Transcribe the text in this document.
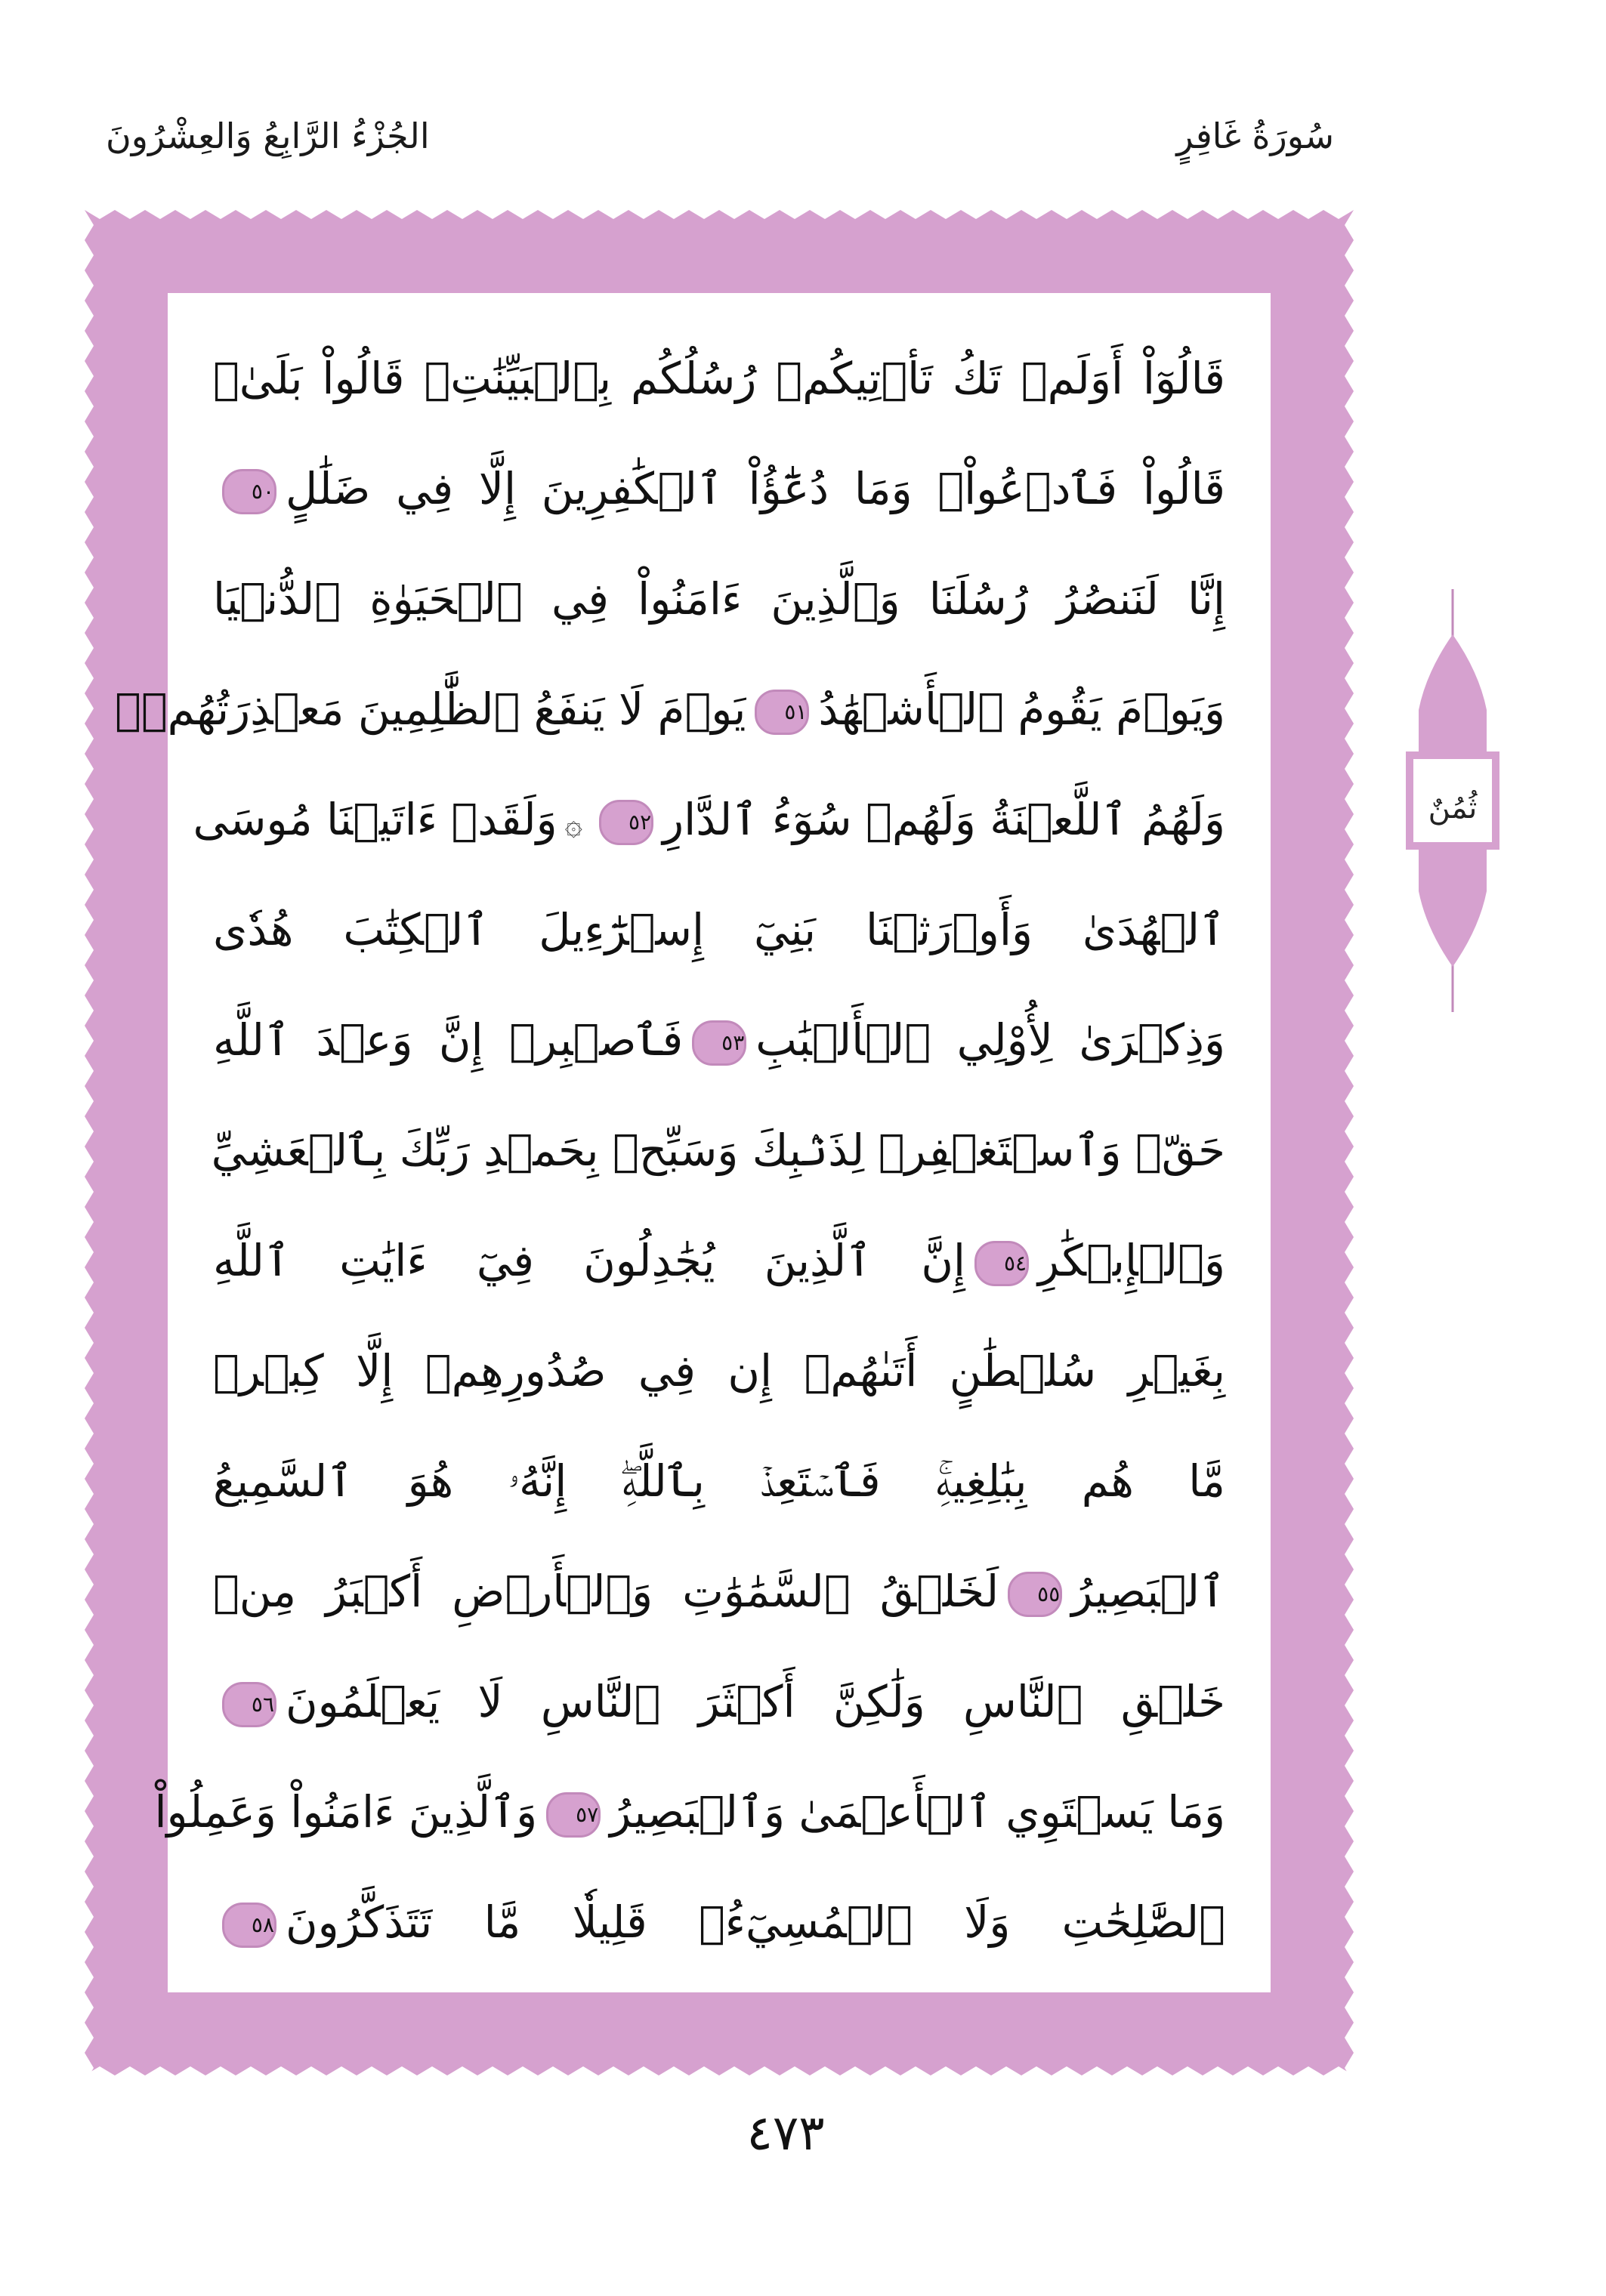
سُورَةُ غَافِرٍ
الجُزْءُ الرَّابِعُ وَالعِشْرُونَ
قَالُوٓاْ أَوَلَمۡ تَكُ تَأۡتِيكُمۡ رُسُلُكُم بِٱلۡبَيِّنَٰتِۖ قَالُواْ بَلَىٰۚ
قَالُواْ فَٱدۡعُواْۗ وَمَا دُعَٰٓؤُاْ ٱلۡكَٰفِرِينَ إِلَّا فِي ضَلَٰلٍ٥٠
إِنَّا لَنَنصُرُ رُسُلَنَا وَٱلَّذِينَ ءَامَنُواْ فِي ٱلۡحَيَوٰةِ ٱلدُّنۡيَا
وَيَوۡمَ يَقُومُ ٱلۡأَشۡهَٰدُ٥١يَوۡمَ لَا يَنفَعُ ٱلظَّٰلِمِينَ مَعۡذِرَتُهُمۡۖ
وَلَهُمُ ٱللَّعۡنَةُ وَلَهُمۡ سُوٓءُ ٱلدَّارِ٥٢۞وَلَقَدۡ ءَاتَيۡنَا مُوسَى
ٱلۡهُدَىٰ وَأَوۡرَثۡنَا بَنِيٓ إِسۡرَٰٓءِيلَ ٱلۡكِتَٰبَ هُدٗى
وَذِكۡرَىٰ لِأُوْلِي ٱلۡأَلۡبَٰبِ٥٣فَٱصۡبِرۡ إِنَّ وَعۡدَ ٱللَّهِ
حَقّٞ وَٱسۡتَغۡفِرۡ لِذَنۢبِكَ وَسَبِّحۡ بِحَمۡدِ رَبِّكَ بِٱلۡعَشِيِّ
وَٱلۡإِبۡكَٰرِ٥٤إِنَّ ٱلَّذِينَ يُجَٰدِلُونَ فِيٓ ءَايَٰتِ ٱللَّهِ
بِغَيۡرِ سُلۡطَٰنٍ أَتَىٰهُمۡ إِن فِي صُدُورِهِمۡ إِلَّا كِبۡرٞ
مَّا هُم بِبَٰلِغِيهِۚ فَٱسۡتَعِذۡ بِٱللَّهِۖ إِنَّهُۥ هُوَ ٱلسَّمِيعُ
ٱلۡبَصِيرُ٥٥لَخَلۡقُ ٱلسَّمَٰوَٰتِ وَٱلۡأَرۡضِ أَكۡبَرُ مِنۡ
خَلۡقِ ٱلنَّاسِ وَلَٰكِنَّ أَكۡثَرَ ٱلنَّاسِ لَا يَعۡلَمُونَ٥٦
وَمَا يَسۡتَوِي ٱلۡأَعۡمَىٰ وَٱلۡبَصِيرُ٥٧وَٱلَّذِينَ ءَامَنُواْ وَعَمِلُواْ
ٱلصَّٰلِحَٰتِ وَلَا ٱلۡمُسِيٓءُۚ قَلِيلٗا مَّا تَتَذَكَّرُونَ٥٨
ثُمُنٌ
٤٧٣
